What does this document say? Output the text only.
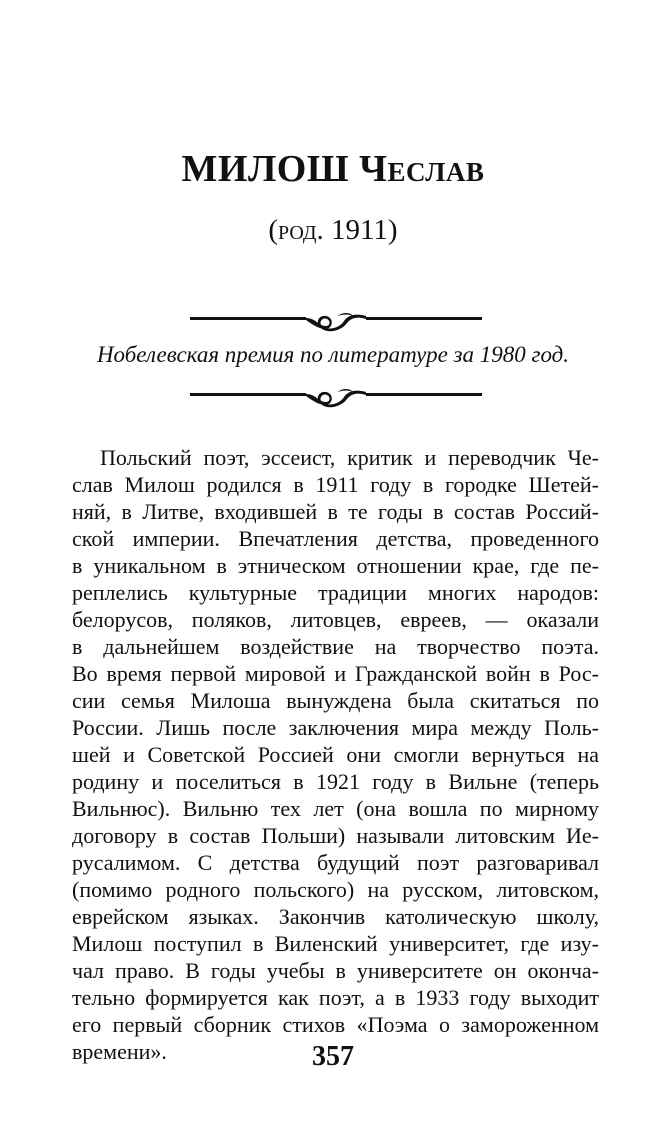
МИЛОШ Чеслав
(род. 1911)
Нобелевская премия по литературе за 1980 год.
Польский поэт, эссеист, критик и переводчик Че-
слав Милош родился в 1911 году в городке Шетей-
няй, в Литве, входившей в те годы в состав Россий-
ской империи. Впечатления детства, проведенного
в уникальном в этническом отношении крае, где пе-
реплелись культурные традиции многих народов:
белорусов, поляков, литовцев, евреев, — оказали
в дальнейшем воздействие на творчество поэта.
Во время первой мировой и Гражданской войн в Рос-
сии семья Милоша вынуждена была скитаться по
России. Лишь после заключения мира между Поль-
шей и Советской Россией они смогли вернуться на
родину и поселиться в 1921 году в Вильне (теперь
Вильнюс). Вильню тех лет (она вошла по мирному
договору в состав Польши) называли литовским Ие-
русалимом. С детства будущий поэт разговаривал
(помимо родного польского) на русском, литовском,
еврейском языках. Закончив католическую школу,
Милош поступил в Виленский университет, где изу-
чал право. В годы учебы в университете он оконча-
тельно формируется как поэт, а в 1933 году выходит
его первый сборник стихов «Поэма о замороженном
времени».	357
